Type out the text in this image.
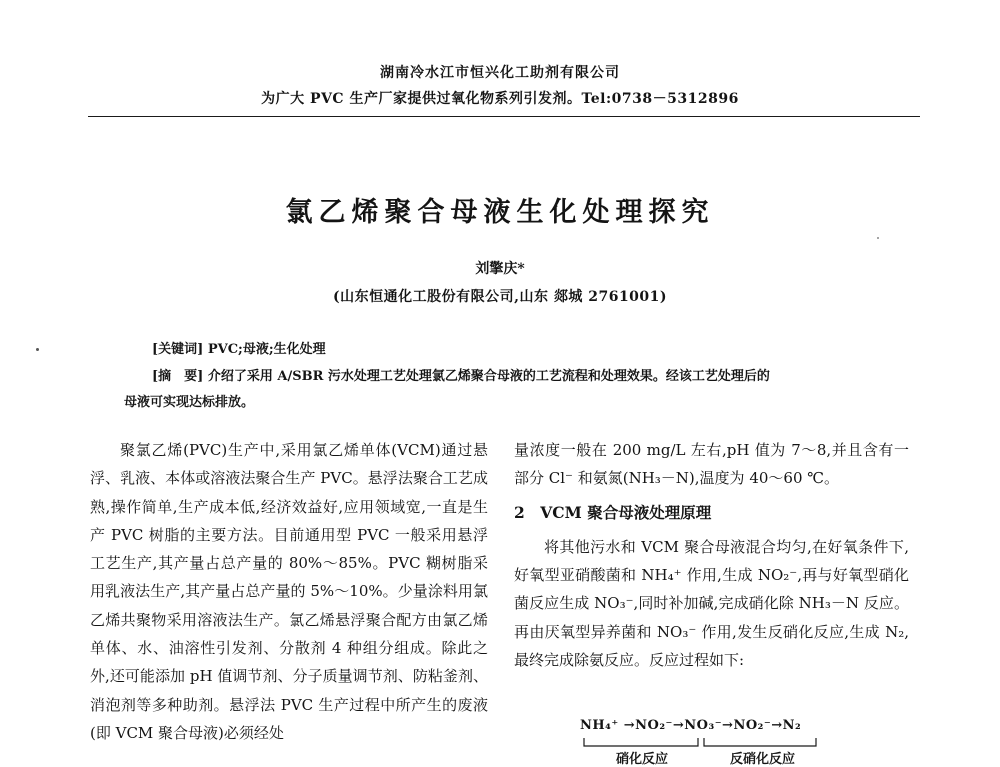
湖南冷水江市恒兴化工助剂有限公司
为广大 PVC 生产厂家提供过氧化物系列引发剂。Tel:0738－5312896
氯乙烯聚合母液生化处理探究
刘擎庆*
(山东恒通化工股份有限公司,山东 郯城 2761001)
[关键词] PVC;母液;生化处理
[摘　要] 介绍了采用 A/SBR 污水处理工艺处理氯乙烯聚合母液的工艺流程和处理效果。经该工艺处理后的
母液可实现达标排放。

聚氯乙烯(PVC)生产中,采用氯乙烯单体(VCM)通过悬浮、乳液、本体或溶液法聚合生产 PVC。悬浮法聚合工艺成熟,操作简单,生产成本低,经济效益好,应用领域宽,一直是生产 PVC 树脂的主要方法。目前通用型 PVC 一般采用悬浮工艺生产,其产量占总产量的 80%～85%。PVC 糊树脂采用乳液法生产,其产量占总产量的 5%～10%。少量涂料用氯乙烯共聚物采用溶液法生产。氯乙烯悬浮聚合配方由氯乙烯单体、水、油溶性引发剂、分散剂 4 种组分组成。除此之外,还可能添加 pH 值调节剂、分子质量调节剂、防粘釜剂、消泡剂等多种助剂。悬浮法 PVC 生产过程中所产生的废液(即 VCM 聚合母液)必须经处

量浓度一般在 200 mg/L 左右,pH 值为 7～8,并且含有一部分 Cl⁻ 和氨氮(NH₃－N),温度为 40～60 ℃。

2　VCM 聚合母液处理原理

将其他污水和 VCM 聚合母液混合均匀,在好氧条件下,好氧型亚硝酸菌和 NH₄⁺ 作用,生成 NO₂⁻,再与好氧型硝化菌反应生成 NO₃⁻,同时补加碱,完成硝化除 NH₃－N 反应。再由厌氧型异养菌和 NO₃⁻ 作用,发生反硝化反应,生成 N₂,最终完成除氨反应。反应过程如下:

NH₄⁺ →NO₂⁻→NO₃⁻→NO₂⁻→N₂
硝化反应	反硝化反应
